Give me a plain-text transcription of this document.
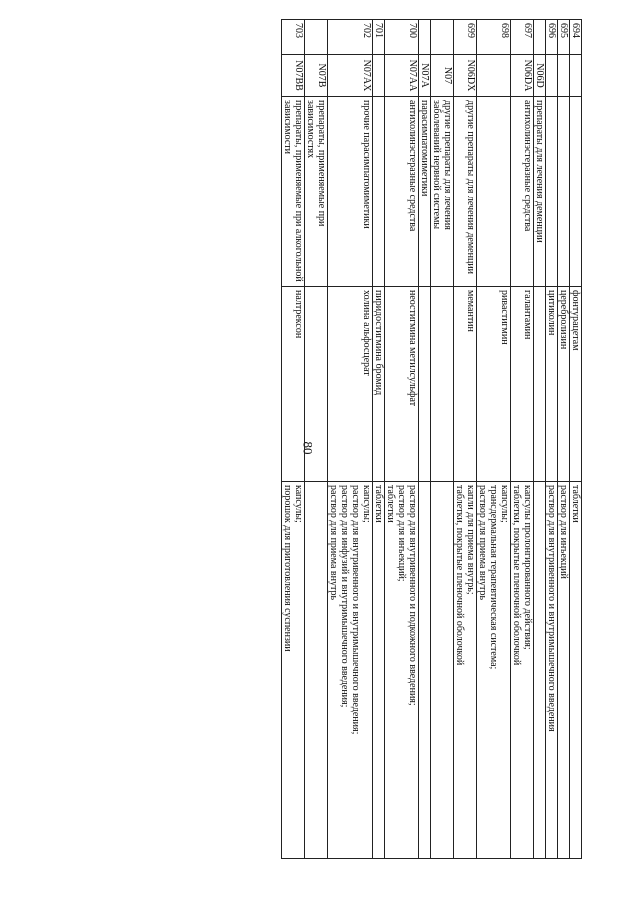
80
694			фонтурацетам	таблетки

695			церебролизин	раствор для инъекций

696			цитиколин	раствор для внутривенного и внутримышечного введения

	N06D	препараты для лечения деменции		
697	N06DA	антихолинэстеразные средства	галантамин	капсулы пролонгированного действия;
таблетки, покрытые пленочной оболочкой

698			ривастигмин	капсулы;
трансдермальная терапевтическая система;
раствор для приема внутрь

699	N06DX	другие препараты для лечения деменции	мемантин	капли для приема внутрь;
таблетки, покрытые пленочной оболочкой

	N07	другие препараты для лечения заболеваний нервной системы		
	N07A	парасимпатомиметики		
700	N07AA	антихолинэстеразные средства	неостигмина метилсульфат	раствор для внутривенного и подкожного введения;
раствор для инъекций;
таблетки

701			пиридостигмина бромид	таблетки

702	N07AX	прочие парасимпатомиметики	холина альфосцерат	капсулы;
раствор для внутривенного и внутримышечного введения;
раствор для инфузий и внутримышечного введения;
раствор для приема внутрь

	N07B	препараты, применяемые при зависимостях		
703	N07BB	препараты, применяемые при алкогольной зависимости	налтрексон	капсулы;
порошок для приготовления суспензии
